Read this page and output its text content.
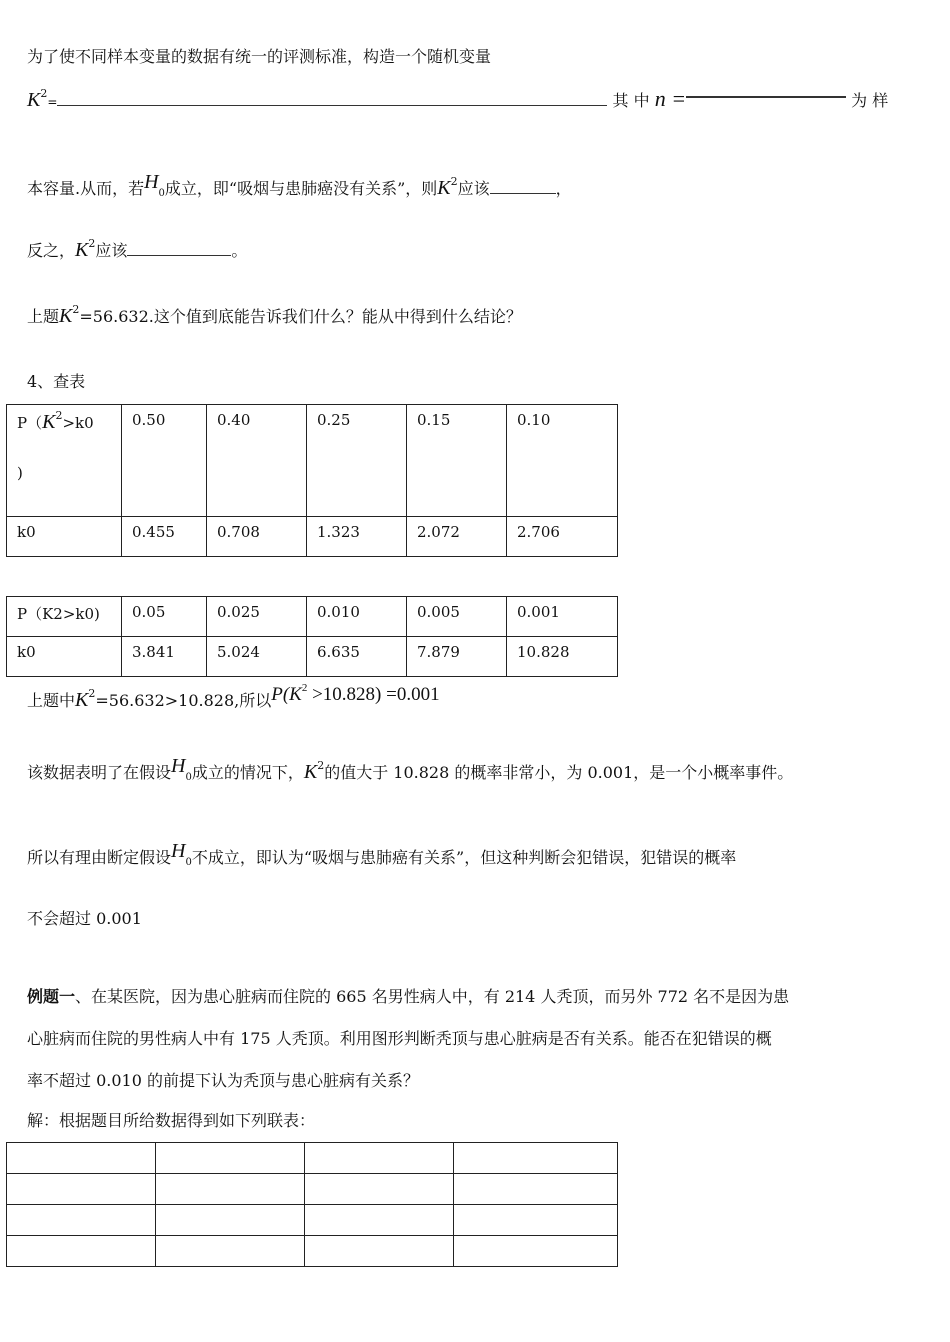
为了使不同样本变量的数据有统一的评测标准，构造一个随机变量
$K^2=$	其 中 n =	为 样
本容量.从而，若H0成立，即“吸烟与患肺癌没有关系”，则$K^2$应该	，
反之，$K^2$应该	。
上题$K^2=56.632$.这个值到底能告诉我们什么？能从中得到什么结论？
4、查表
$P(K^2>k0$
)	0.50	0.40	0.25	0.15	0.10

k0	0.455	0.708	1.323	2.072	2.706
P（K2>k0)	0.05	0.025	0.010	0.005	0.001

k0	3.841	5.024	6.635	7.879	10.828
上题中$K^2=56.632>10.828$,所以$P(K^2 >10.828) =0.001$
该数据表明了在假设H0成立的情况下，$K^2$的值大于 10.828 的概率非常小，为 0.001，是一个小概率事件。
所以有理由断定假设H0不成立，即认为“吸烟与患肺癌有关系”，但这种判断会犯错误，犯错误的概率
不会超过 0.001
例题一、在某医院，因为患心脏病而住院的 665 名男性病人中，有 214 人秃顶，而另外 772 名不是因为患
心脏病而住院的男性病人中有 175 人秃顶。利用图形判断秃顶与患心脏病是否有关系。能否在犯错误的概
率不超过 0.010 的前提下认为秃顶与患心脏病有关系？
解：根据题目所给数据得到如下列联表：
